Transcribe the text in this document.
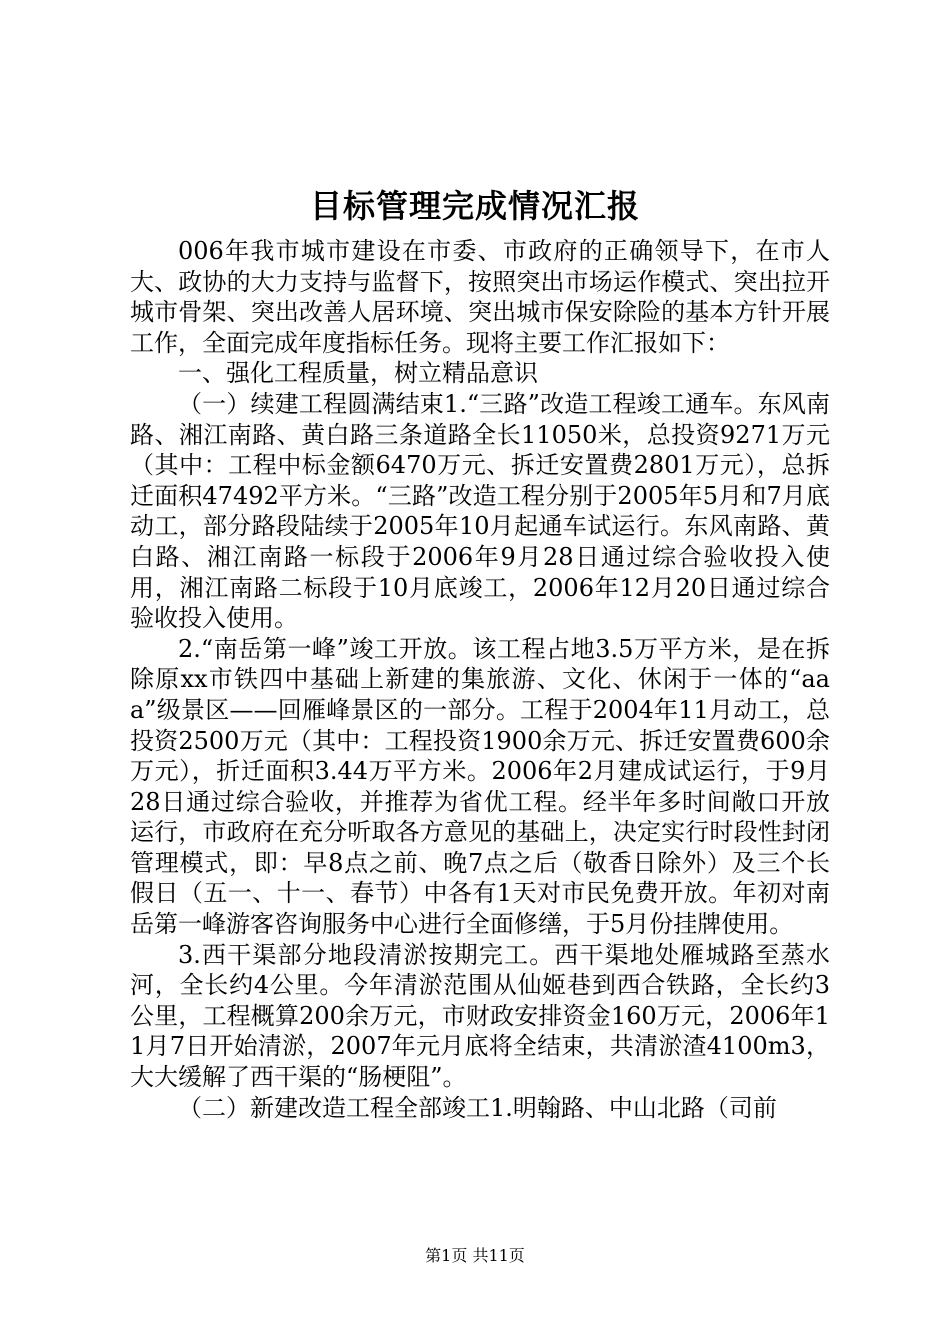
目标管理完成情况汇报

006年我市城市建设在市委、市政府的正确领导下，在市人大、政协的大力支持与监督下，按照突出市场运作模式、突出拉开城市骨架、突出改善人居环境、突出城市保安除险的基本方针开展工作，全面完成年度指标任务。现将主要工作汇报如下：

一、强化工程质量，树立精品意识

（一）续建工程圆满结束1.“三路”改造工程竣工通车。东风南路、湘江南路、黄白路三条道路全长11050米，总投资9271万元（其中：工程中标金额6470万元、拆迁安置费2801万元），总拆迁面积47492平方米。“三路”改造工程分别于2005年5月和7月底动工，部分路段陆续于2005年10月起通车试运行。东风南路、黄白路、湘江南路一标段于2006年9月28日通过综合验收投入使用，湘江南路二标段于10月底竣工，2006年12月20日通过综合验收投入使用。

2.“南岳第一峰”竣工开放。该工程占地3.5万平方米，是在拆除原xx市铁四中基础上新建的集旅游、文化、休闲于一体的“aaa”级景区——回雁峰景区的一部分。工程于2004年11月动工，总投资2500万元（其中：工程投资1900余万元、拆迁安置费600余万元），折迁面积3.44万平方米。2006年2月建成试运行，于9月28日通过综合验收，并推荐为省优工程。经半年多时间敞口开放运行，市政府在充分听取各方意见的基础上，决定实行时段性封闭管理模式，即：早8点之前、晚7点之后（敬香日除外）及三个长假日（五一、十一、春节）中各有1天对市民免费开放。年初对南岳第一峰游客咨询服务中心进行全面修缮，于5月份挂牌使用。

3.西干渠部分地段清淤按期完工。西干渠地处雁城路至蒸水河，全长约4公里。今年清淤范围从仙姬巷到西合铁路，全长约3公里，工程概算200余万元，市财政安排资金160万元，2006年11月7日开始清淤，2007年元月底将全结束，共清淤渣4100m3，大大缓解了西干渠的“肠梗阻”。

（二）新建改造工程全部竣工1.明翰路、中山北路（司前

第1页 共11页
